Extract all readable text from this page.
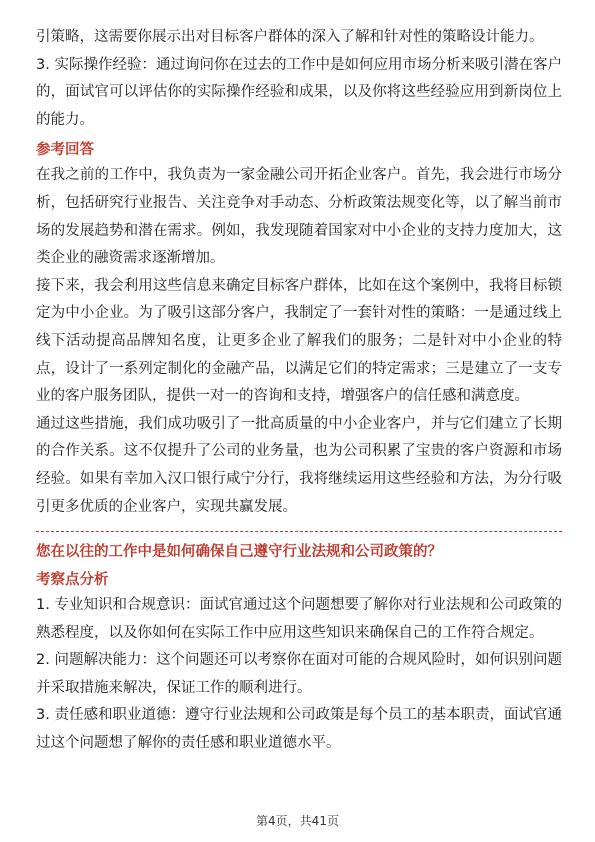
引策略，这需要你展示出对目标客户群体的深入了解和针对性的策略设计能力。

3. 实际操作经验：通过询问你在过去的工作中是如何应用市场分析来吸引潜在客户的，面试官可以评估你的实际操作经验和成果，以及你将这些经验应用到新岗位上的能力。

参考回答

在我之前的工作中，我负责为一家金融公司开拓企业客户。首先，我会进行市场分析，包括研究行业报告、关注竞争对手动态、分析政策法规变化等，以了解当前市场的发展趋势和潜在需求。例如，我发现随着国家对中小企业的支持力度加大，这类企业的融资需求逐渐增加。

接下来，我会利用这些信息来确定目标客户群体，比如在这个案例中，我将目标锁定为中小企业。为了吸引这部分客户，我制定了一套针对性的策略：一是通过线上线下活动提高品牌知名度，让更多企业了解我们的服务；二是针对中小企业的特点，设计了一系列定制化的金融产品，以满足它们的特定需求；三是建立了一支专业的客户服务团队，提供一对一的咨询和支持，增强客户的信任感和满意度。

通过这些措施，我们成功吸引了一批高质量的中小企业客户，并与它们建立了长期的合作关系。这不仅提升了公司的业务量，也为公司积累了宝贵的客户资源和市场经验。如果有幸加入汉口银行咸宁分行，我将继续运用这些经验和方法，为分行吸引更多优质的企业客户，实现共赢发展。

您在以往的工作中是如何确保自己遵守行业法规和公司政策的？
考察点分析

1. 专业知识和合规意识：面试官通过这个问题想要了解你对行业法规和公司政策的熟悉程度，以及你如何在实际工作中应用这些知识来确保自己的工作符合规定。

2. 问题解决能力：这个问题还可以考察你在面对可能的合规风险时，如何识别问题并采取措施来解决，保证工作的顺利进行。

3. 责任感和职业道德：遵守行业法规和公司政策是每个员工的基本职责，面试官通过这个问题想了解你的责任感和职业道德水平。

第4页，共41页
